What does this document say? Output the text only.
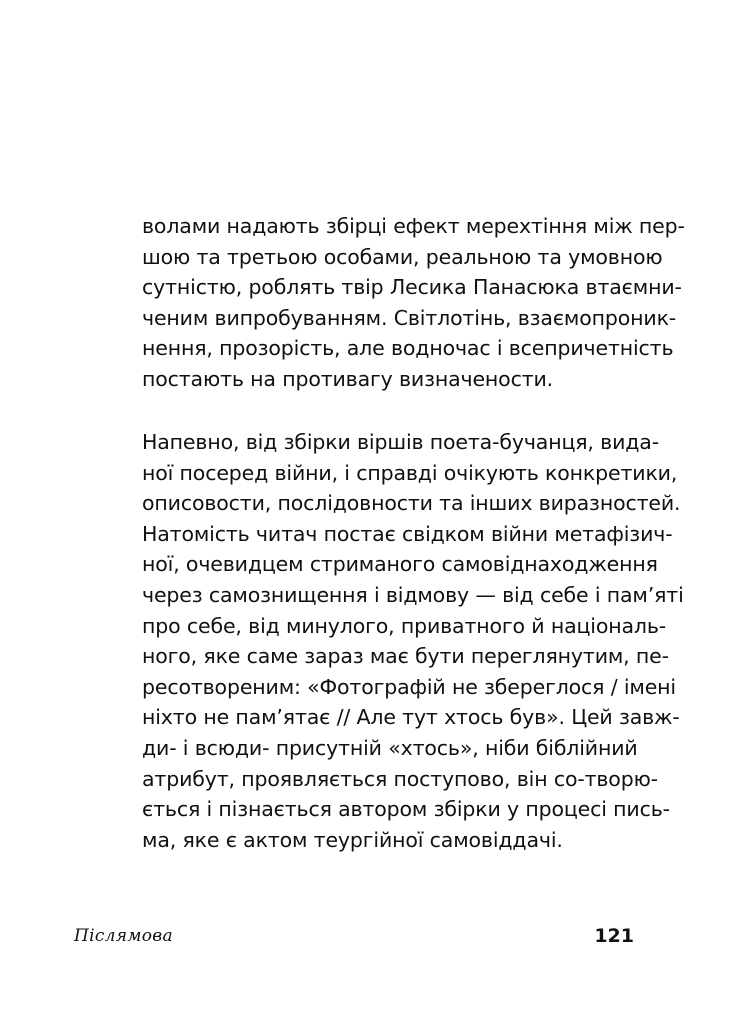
волами надають збірці ефект мерехтіння між пер-
шою та третьою особами, реальною та умовною
сутністю, роблять твір Лесика Панасюка втаємни-
ченим випробуванням. Світлотінь, взаємопроник-
нення, прозорість, але водночас і всепричетність
постають на противагу визначености.
Напевно, від збірки віршів поета-бучанця, вида-
ної посеред війни, і справді очікують конкретики,
описовости, послідовности та інших виразностей.
Натомість читач постає свідком війни метафізич-
ної, очевидцем стриманого самовіднаходження
через самознищення і відмову — від себе і пам’яті
про себе, від минулого, приватного й національ-
ного, яке саме зараз має бути переглянутим, пе-
ресотвореним: «Фотографій не збереглося / імені
ніхто не пам’ятає // Але тут хтось був». Цей завж-
ди- і всюди- присутній «хтось», ніби біблійний
атрибут, проявляється поступово, він со-творю-
ється і пізнається автором збірки у процесі пись-
ма, яке є актом теургійної самовіддачі.
Післямова	121
